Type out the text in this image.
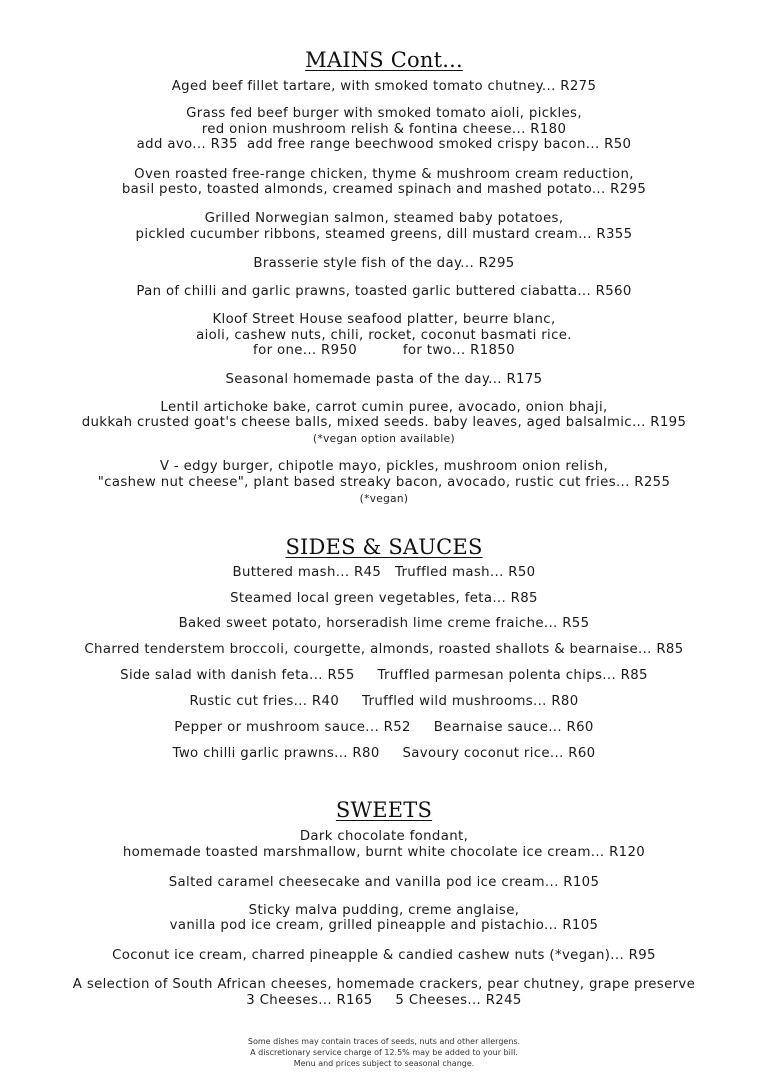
MAINS Cont...
Aged beef fillet tartare, with smoked tomato chutney... R275
Grass fed beef burger with smoked tomato aioli, pickles,
red onion mushroom relish & fontina cheese... R180
add avo... R35  add free range beechwood smoked crispy bacon... R50
Oven roasted free-range chicken, thyme & mushroom cream reduction,
basil pesto, toasted almonds, creamed spinach and mashed potato... R295
Grilled Norwegian salmon, steamed baby potatoes,
pickled cucumber ribbons, steamed greens, dill mustard cream... R355
Brasserie style fish of the day... R295
Pan of chilli and garlic prawns, toasted garlic buttered ciabatta... R560
Kloof Street House seafood platter, beurre blanc,
aioli, cashew nuts, chili, rocket, coconut basmati rice.
for one... R950          for two... R1850
Seasonal homemade pasta of the day... R175
Lentil artichoke bake, carrot cumin puree, avocado, onion bhaji,
dukkah crusted goat's cheese balls, mixed seeds. baby leaves, aged balsalmic... R195
(*vegan option available)
V - edgy burger, chipotle mayo, pickles, mushroom onion relish,
"cashew nut cheese", plant based streaky bacon, avocado, rustic cut fries... R255
(*vegan)
SIDES & SAUCES
Buttered mash... R45   Truffled mash... R50
Steamed local green vegetables, feta... R85
Baked sweet potato, horseradish lime creme fraiche... R55
Charred tenderstem broccoli, courgette, almonds, roasted shallots & bearnaise... R85
Side salad with danish feta... R55     Truffled parmesan polenta chips... R85
Rustic cut fries... R40     Truffled wild mushrooms... R80
Pepper or mushroom sauce... R52     Bearnaise sauce... R60
Two chilli garlic prawns... R80     Savoury coconut rice... R60
SWEETS
Dark chocolate fondant,
homemade toasted marshmallow, burnt white chocolate ice cream... R120
Salted caramel cheesecake and vanilla pod ice cream... R105
Sticky malva pudding, creme anglaise,
vanilla pod ice cream, grilled pineapple and pistachio... R105
Coconut ice cream, charred pineapple & candied cashew nuts (*vegan)... R95
A selection of South African cheeses, homemade crackers, pear chutney, grape preserve
3 Cheeses... R165     5 Cheeses... R245
Some dishes may contain traces of seeds, nuts and other allergens.
A discretionary service charge of 12.5% may be added to your bill.
Menu and prices subject to seasonal change.
